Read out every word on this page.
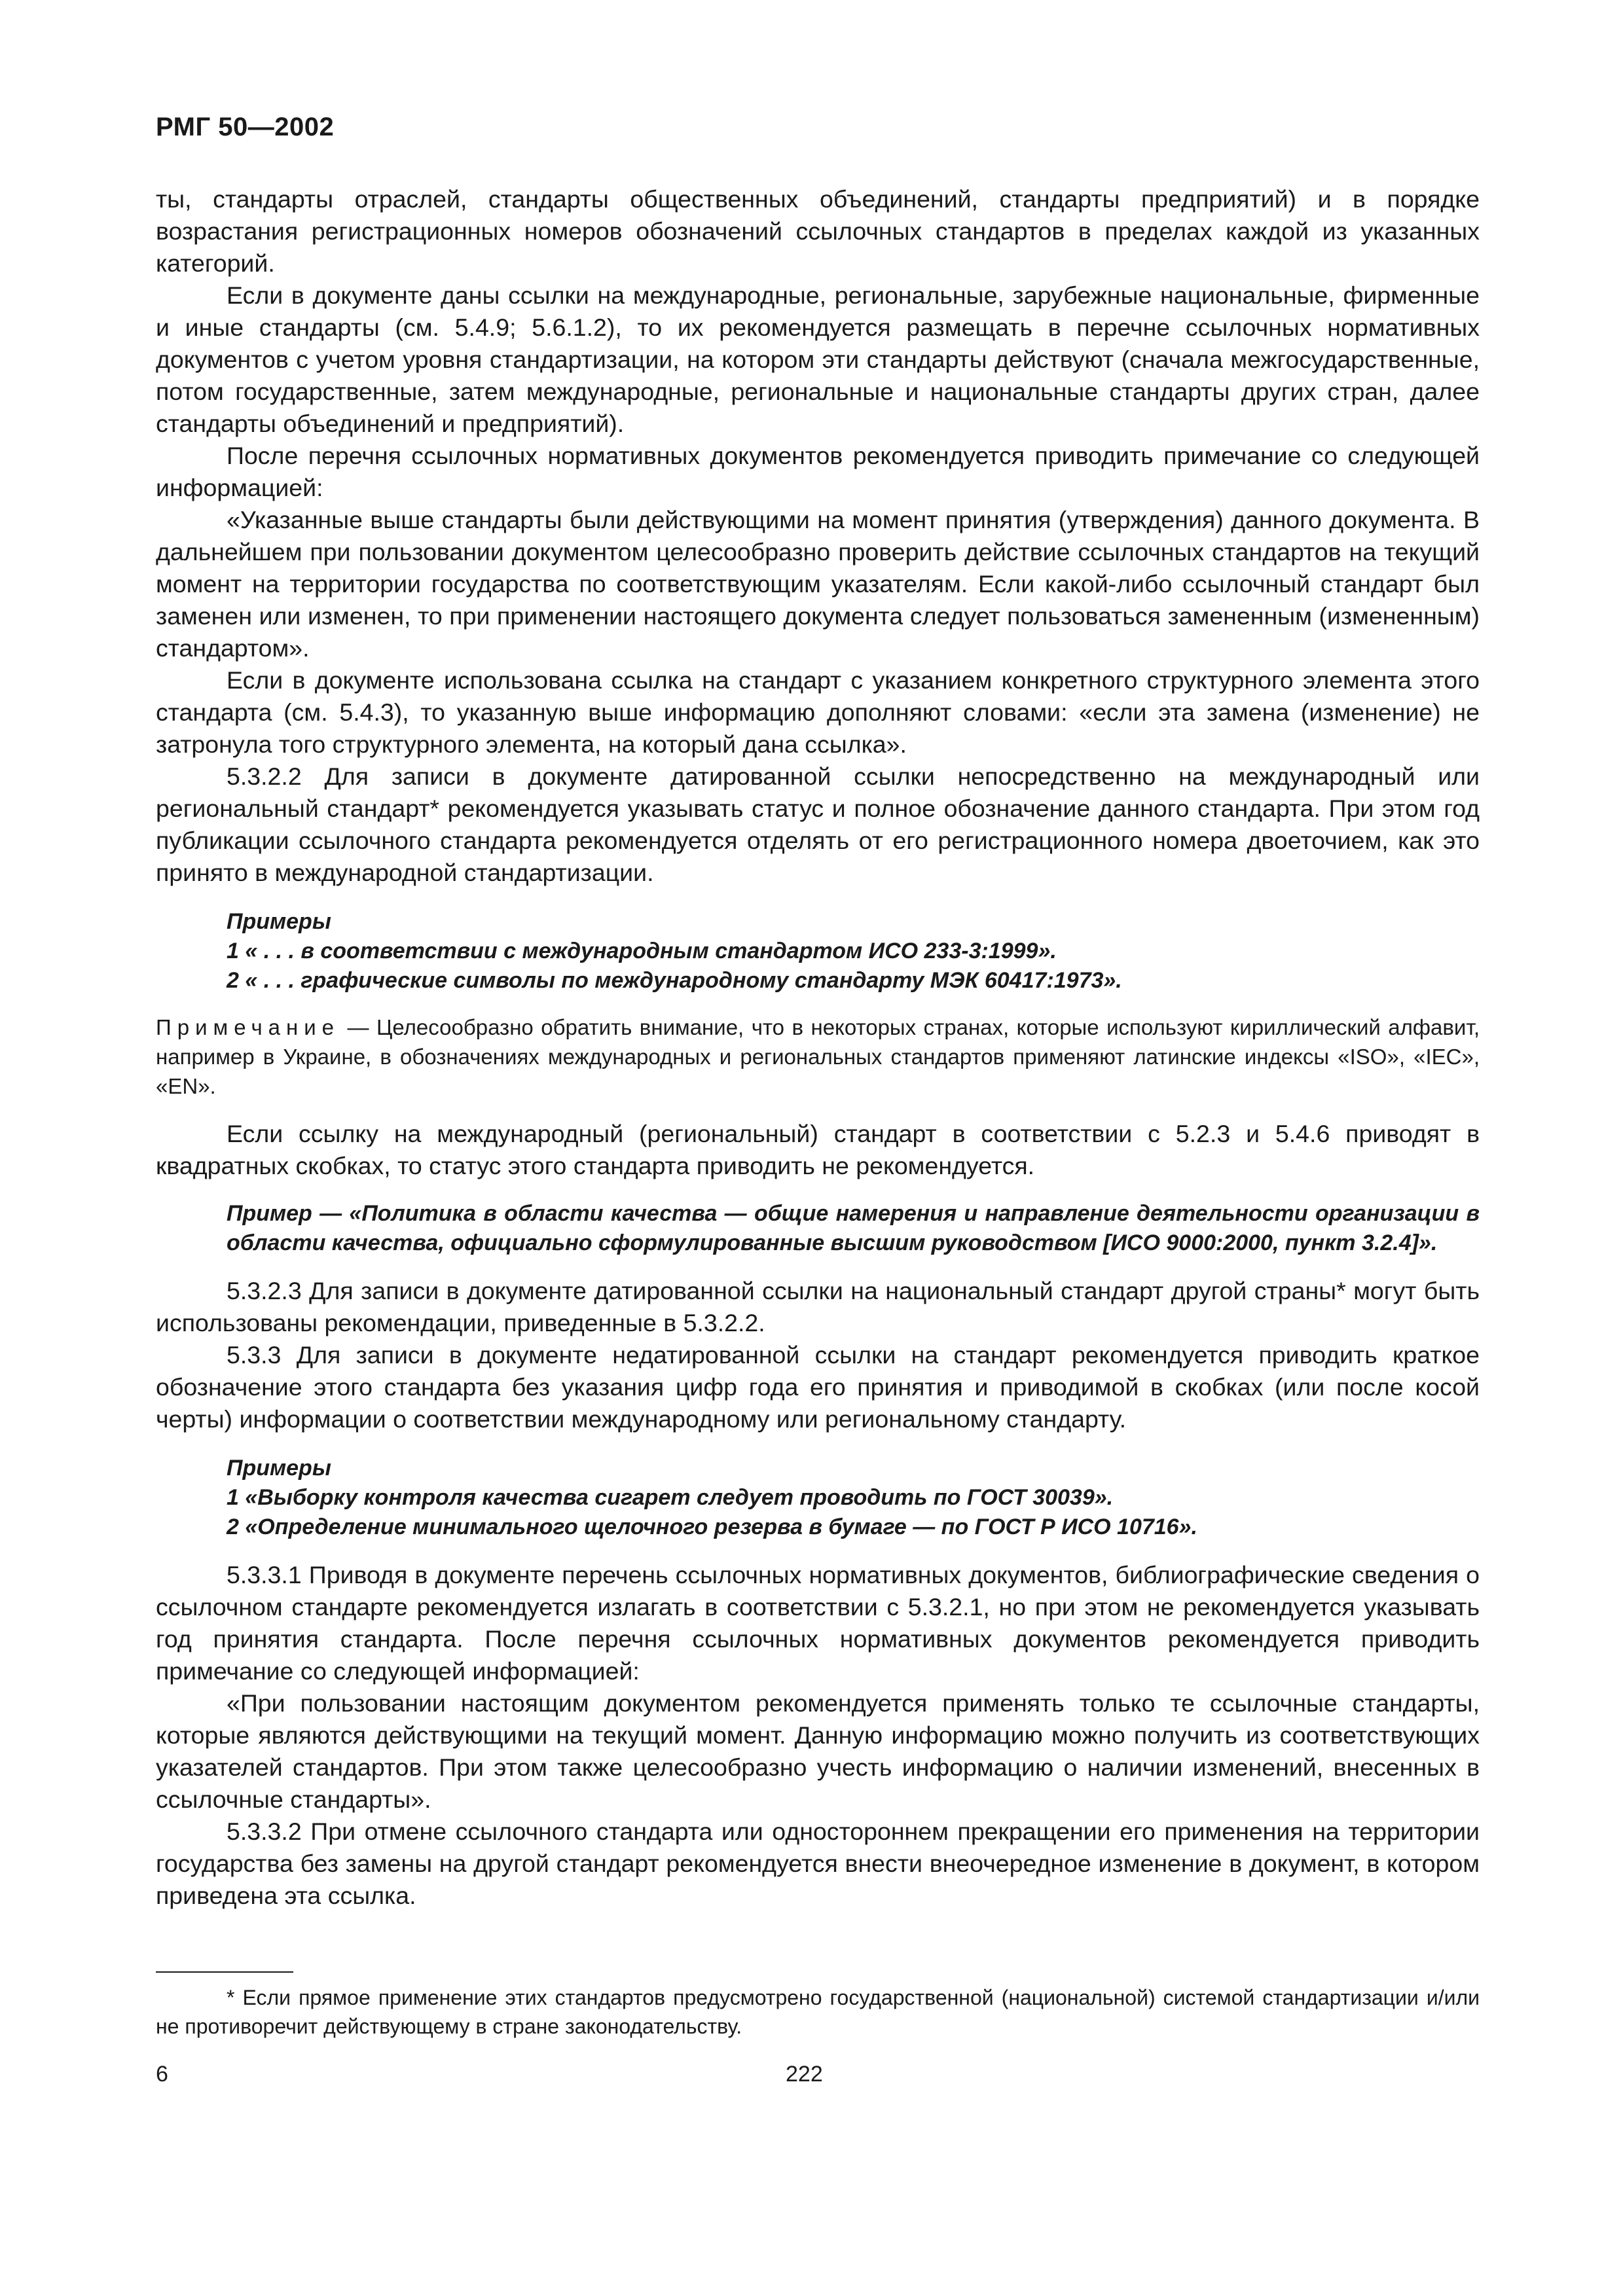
РМГ 50—2002

ты, стандарты отраслей, стандарты общественных объединений, стандарты предприятий) и в порядке возрастания регистрационных номеров обозначений ссылочных стандартов в пределах каждой из указанных категорий.

Если в документе даны ссылки на международные, региональные, зарубежные национальные, фирменные и иные стандарты (см. 5.4.9; 5.6.1.2), то их рекомендуется размещать в перечне ссылочных нормативных документов с учетом уровня стандартизации, на котором эти стандарты действуют (сначала межгосударственные, потом государственные, затем международные, региональные и национальные стандарты других стран, далее стандарты объединений и предприятий).

После перечня ссылочных нормативных документов рекомендуется приводить примечание со следующей информацией:

«Указанные выше стандарты были действующими на момент принятия (утверждения) данного документа. В дальнейшем при пользовании документом целесообразно проверить действие ссылочных стандартов на текущий момент на территории государства по соответствующим указателям. Если какой-либо ссылочный стандарт был заменен или изменен, то при применении настоящего документа следует пользоваться замененным (измененным) стандартом».

Если в документе использована ссылка на стандарт с указанием конкретного структурного элемента этого стандарта (см. 5.4.3), то указанную выше информацию дополняют словами: «если эта замена (изменение) не затронула того структурного элемента, на который дана ссылка».

5.3.2.2 Для записи в документе датированной ссылки непосредственно на международный или региональный стандарт* рекомендуется указывать статус и полное обозначение данного стандарта. При этом год публикации ссылочного стандарта рекомендуется отделять от его регистрационного номера двоеточием, как это принято в международной стандартизации.

Примеры
1 « . . . в соответствии с международным стандартом ИСО 233-3:1999».
2 « . . . графические символы по международному стандарту МЭК 60417:1973».

Примечание — Целесообразно обратить внимание, что в некоторых странах, которые используют кириллический алфавит, например в Украине, в обозначениях международных и региональных стандартов применяют латинские индексы «ISO», «IEC», «EN».

Если ссылку на международный (региональный) стандарт в соответствии с 5.2.3 и 5.4.6 приводят в квадратных скобках, то статус этого стандарта приводить не рекомендуется.

Пример — «Политика в области качества — общие намерения и направление деятельности организации в области качества, официально сформулированные высшим руководством [ИСО 9000:2000, пункт 3.2.4]».

5.3.2.3 Для записи в документе датированной ссылки на национальный стандарт другой страны* могут быть использованы рекомендации, приведенные в 5.3.2.2.

5.3.3 Для записи в документе недатированной ссылки на стандарт рекомендуется приводить краткое обозначение этого стандарта без указания цифр года его принятия и приводимой в скобках (или после косой черты) информации о соответствии международному или региональному стандарту.

Примеры
1 «Выборку контроля качества сигарет следует проводить по ГОСТ 30039».
2 «Определение минимального щелочного резерва в бумаге — по ГОСТ Р ИСО 10716».

5.3.3.1 Приводя в документе перечень ссылочных нормативных документов, библиографические сведения о ссылочном стандарте рекомендуется излагать в соответствии с 5.3.2.1, но при этом не рекомендуется указывать год принятия стандарта. После перечня ссылочных нормативных документов рекомендуется приводить примечание со следующей информацией:

«При пользовании настоящим документом рекомендуется применять только те ссылочные стандарты, которые являются действующими на текущий момент. Данную информацию можно получить из соответствующих указателей стандартов. При этом также целесообразно учесть информацию о наличии изменений, внесенных в ссылочные стандарты».

5.3.3.2 При отмене ссылочного стандарта или одностороннем прекращении его применения на территории государства без замены на другой стандарт рекомендуется внести внеочередное изменение в документ, в котором приведена эта ссылка.

* Если прямое применение этих стандартов предусмотрено государственной (национальной) системой стандартизации и/или не противоречит действующему в стране законодательству.
6	222
